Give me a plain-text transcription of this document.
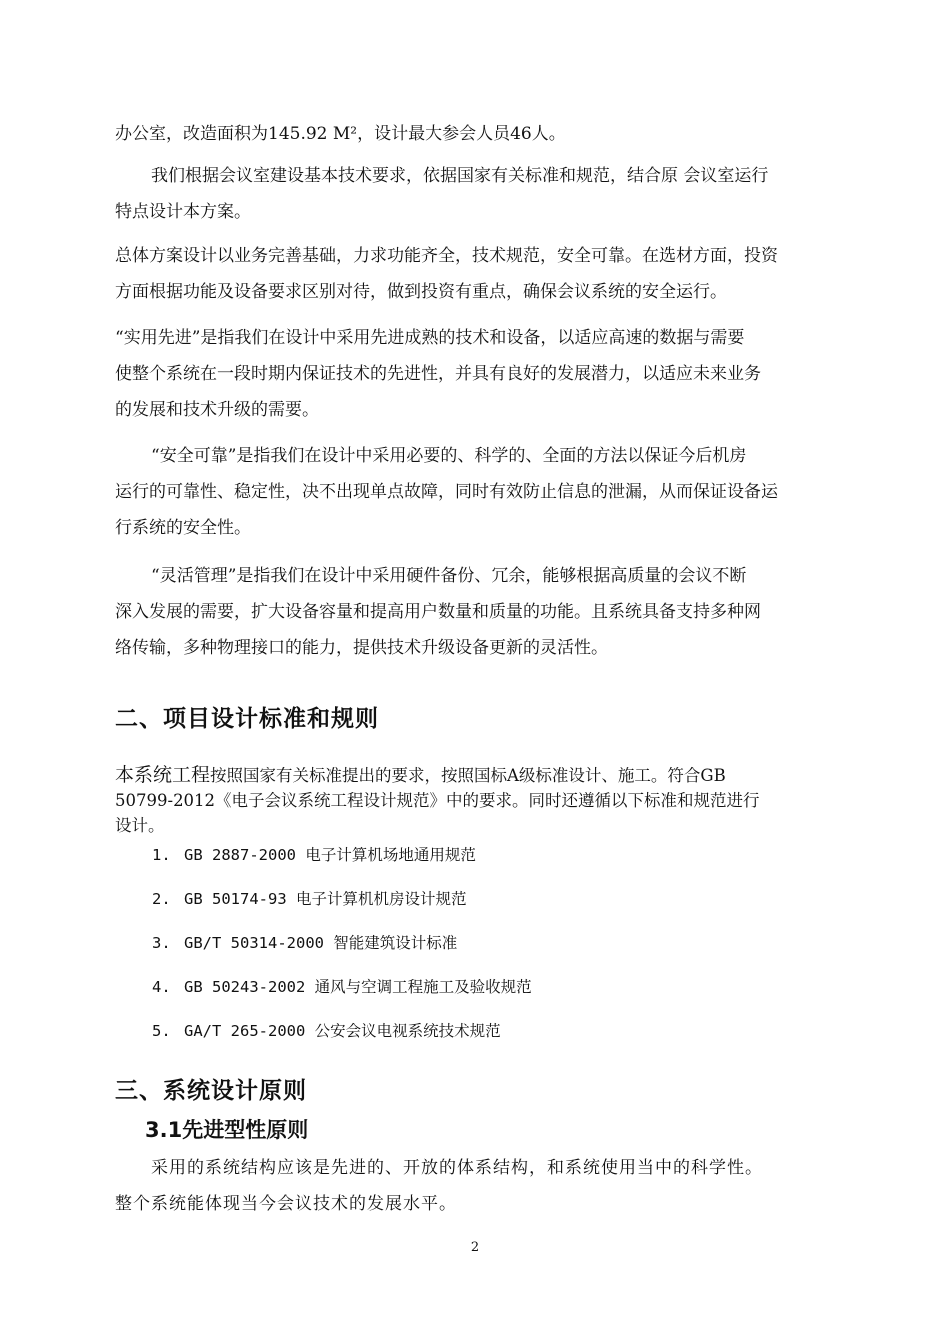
办公室，改造面积为145.92 M²，设计最大参会人员46人。

我们根据会议室建设基本技术要求，依据国家有关标准和规范，结合原 会议室运行
特点设计本方案。

总体方案设计以业务完善基础，力求功能齐全，技术规范，安全可靠。在选材方面，投资
方面根据功能及设备要求区别对待，做到投资有重点，确保会议系统的安全运行。

“实用先进”是指我们在设计中采用先进成熟的技术和设备，以适应高速的数据与需要
使整个系统在一段时期内保证技术的先进性，并具有良好的发展潜力，以适应未来业务
的发展和技术升级的需要。

“安全可靠”是指我们在设计中采用必要的、科学的、全面的方法以保证今后机房
运行的可靠性、稳定性，决不出现单点故障，同时有效防止信息的泄漏，从而保证设备运
行系统的安全性。

“灵活管理”是指我们在设计中采用硬件备份、冗余，能够根据高质量的会议不断
深入发展的需要，扩大设备容量和提高用户数量和质量的功能。且系统具备支持多种网
络传输，多种物理接口的能力，提供技术升级设备更新的灵活性。

二、项目设计标准和规则

本系统工程按照国家有关标准提出的要求，按照国标A级标准设计、施工。符合GB
50799-2012《电子会议系统工程设计规范》中的要求。同时还遵循以下标准和规范进行
设计。

1. GB 2887-2000 电子计算机场地通用规范
2. GB 50174-93 电子计算机机房设计规范
3. GB/T 50314-2000 智能建筑设计标准
4. GB 50243-2002 通风与空调工程施工及验收规范
5. GA/T 265-2000 公安会议电视系统技术规范
三、系统设计原则
3.1先进型性原则

采用的系统结构应该是先进的、开放的体系结构，和系统使用当中的科学性。
整个系统能体现当今会议技术的发展水平。

2
